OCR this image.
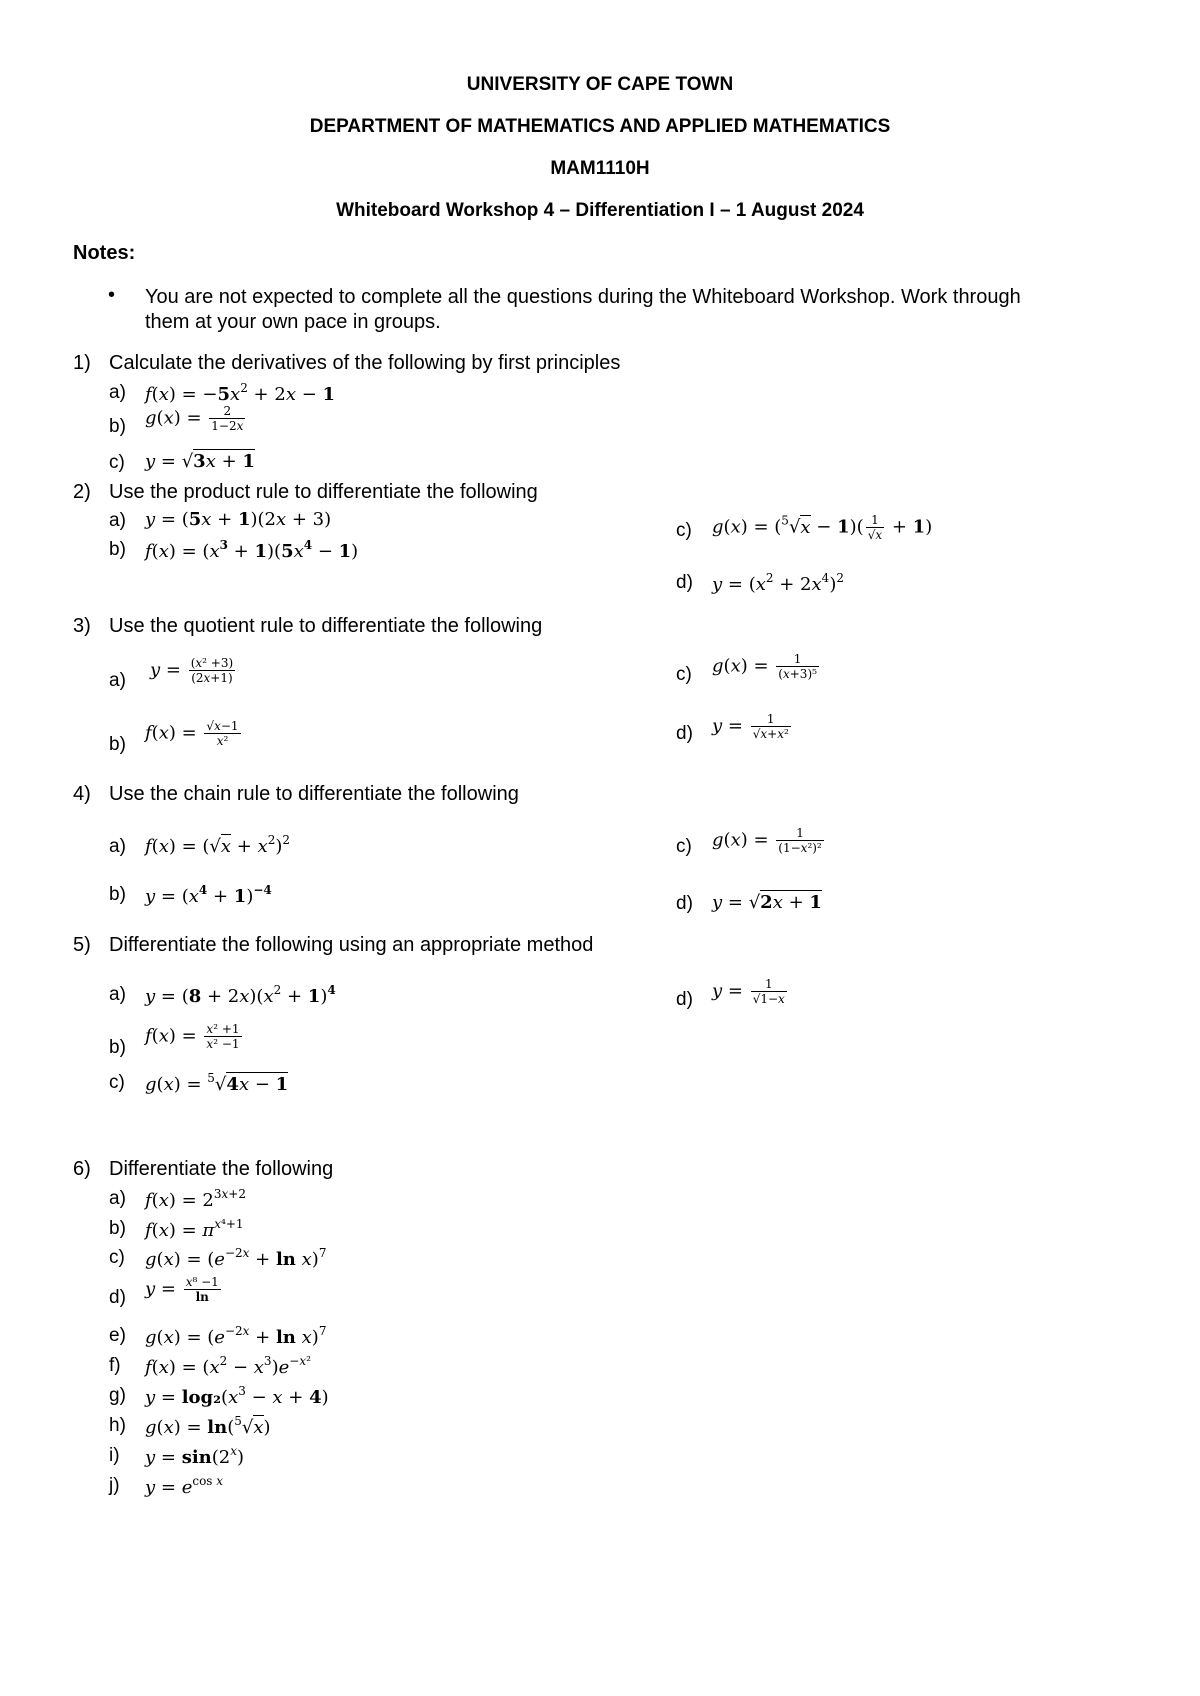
UNIVERSITY OF CAPE TOWN
DEPARTMENT OF MATHEMATICS AND APPLIED MATHEMATICS
MAM1110H
Whiteboard Workshop 4 – Differentiation I – 1 August 2024
Notes:
• You are not expected to complete all the questions during the Whiteboard Workshop. Work through
them at your own pace in groups.
1) Calculate the derivatives of the following by first principles
a) $f(x) = -5x^2 + 2x - 1$
b) $g(x) = \frac{2}{1-2x}$
c) y = √3x + 1
2) Use the product rule to differentiate the following
a) y = (5x + 1)(2x + 3)
b) $f(x) = (x^3 + 1)(5x^4 - 1)$
c) $g(x) = (^5√x - 1)( \frac{1}{√x} + 1)$
d) $y = (x^2 + 2x^4)^2$
3) Use the quotient rule to differentiate the following
a) $y = \frac{\text{(x² +3)}}{(2x+1)}$
b)
$f(x) = \frac{√x-1}{\text{x²}}$
c) $g(x) = \frac{1}{\text{(x+3)⁵}}$
d) $y = \frac{1}{\text{√x+x²}}$
4) Use the chain rule to differentiate the following
a) $f(x) = (√x + x^2)^2$
b) $y = (x^4 + 1)^{-4}$
c) $g(x) = \frac{1}{\text{(1−x²)²}}$
d) y = √2x + 1
5) Differentiate the following using an appropriate method
a) $y = (8 + 2x)(x^2 + 1)^4$
b)
$f(x) = \frac{\text{x² +1}}{\text{x² −1}}$
c) g(x) = $^5$√4x − 1
d) $y = \frac{1}{√1-x}$
6) Differentiate the following
a) $f(x) = 2^{3x+2}$
b) $f(x) = \pi^{x^4+1}$
c) $g(x) = (e^{-2x} + \ln x)^7$
d) $y = \frac{\text{x⁸ −1}}{\ln}$
e) $g(x) = (e^{-2x} + \ln x)^7$
f) $f(x) = (x^2 - x^3)e^{-x^2}$
g) $y = \log_2(x^3 - x + 4)$
h) g(x) = ln($^5$√x)
i) $y = \sin(2^x)$
j) $y = e^{cos x}$
